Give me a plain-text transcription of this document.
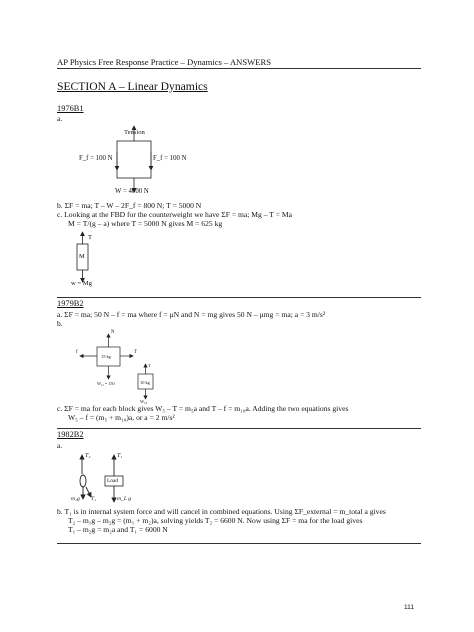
AP Physics Free Response Practice – Dynamics – ANSWERS
SECTION A – Linear Dynamics
1976B1
a.
Tension
F_f = 100 N	F_f = 100 N
W = 4000 N
b. ΣF = ma; T – W – 2F_f = 800 N; T = 5000 N
c. Looking at the FBD for the counterweight we have ΣF = ma; Mg – T = Ma
M = T/(g – a) where T = 5000 N gives M = 625 kg
T
M
w = Mg
1979B2
a. ΣF = ma; 50 N – f = ma where f = μN and N = mg gives 50 N – μmg = ma; a = 3 m/s²
b.
N
f	T
15 kg
10 kg
W₁₅ = 150
T
W₁₀
c. ΣF = ma for each block gives W₅ – T = m₅a and T – f = m₁₀a. Adding the two equations gives
W₅ – f = (m₅ + m₁₀)a, or a = 2 m/s²
1982B2
a.
T₂	T₁
Load
m₁g	m_L g
T₁
b. T₁ is in internal system force and will cancel in combined equations. Using ΣF_external = m_total a gives
T₂ – m₁g – m₂g = (m₁ + m₂)a, solving yields T₂ = 6600 N. Now using ΣF = ma for the load gives
T₁ – m₂g = m₂a and T₁ = 6000 N
111
